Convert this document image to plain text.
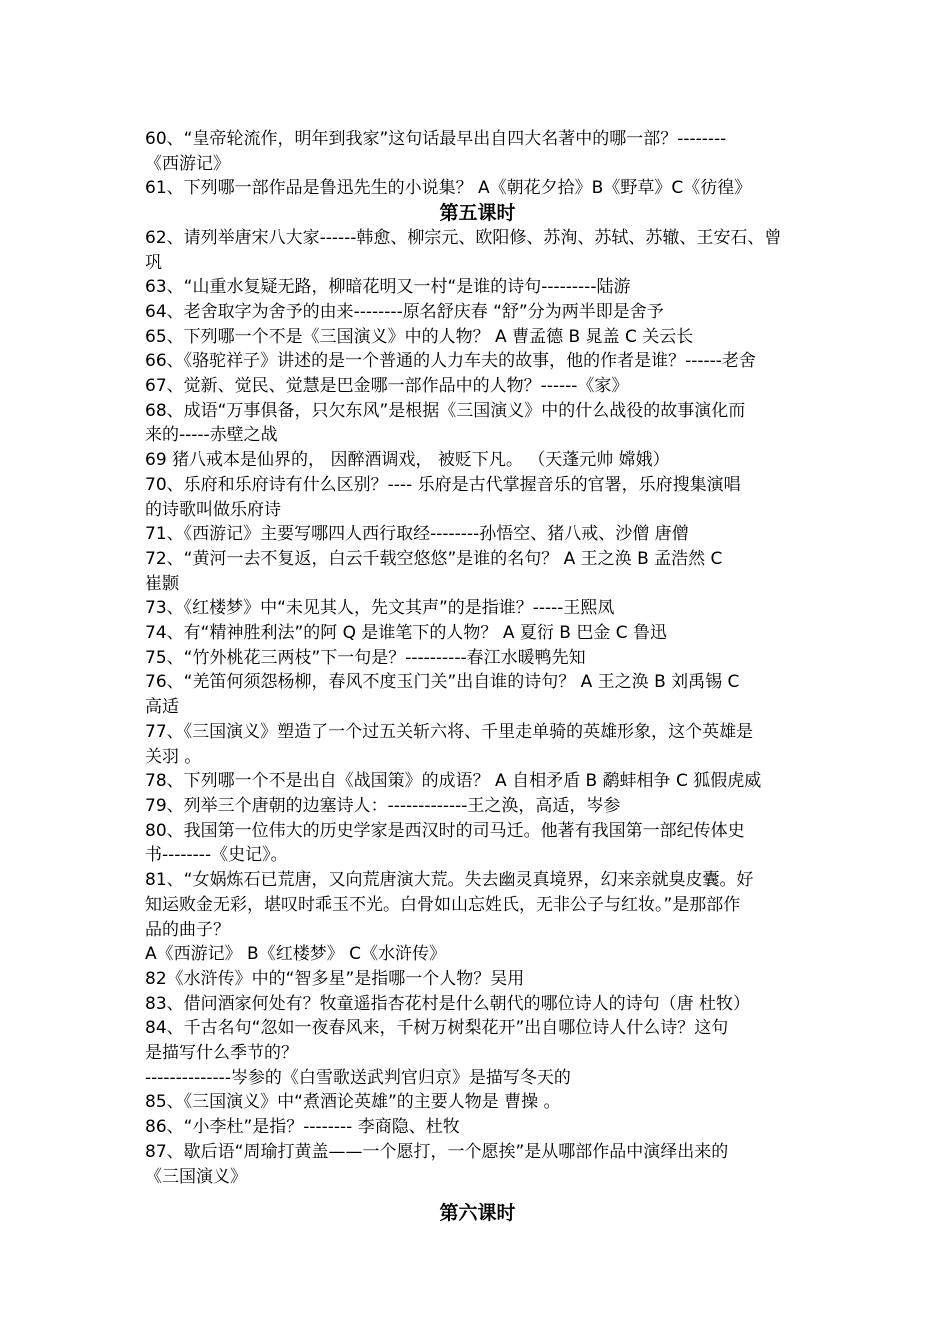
60、“皇帝轮流作，明年到我家”这句话最早出自四大名著中的哪一部？--------
《西游记》
61、下列哪一部作品是鲁迅先生的小说集？ A《朝花夕拾》B《野草》C《彷徨》
第五课时
62、请列举唐宋八大家------韩愈、柳宗元、欧阳修、苏洵、苏轼、苏辙、王安石、曾
巩
63、“山重水复疑无路，柳暗花明又一村“是谁的诗句---------陆游
64、老舍取字为舍予的由来--------原名舒庆春 “舒”分为两半即是舍予
65、下列哪一个不是《三国演义》中的人物？ A 曹孟德 B 晁盖 C 关云长
66、《骆驼祥子》讲述的是一个普通的人力车夫的故事，他的作者是谁？------老舍
67、觉新、觉民、觉慧是巴金哪一部作品中的人物？------《家》
68、成语“万事俱备，只欠东风”是根据《三国演义》中的什么战役的故事演化而
来的-----赤壁之战
69 猪八戒本是仙界的， 因醉酒调戏， 被贬下凡。 （天蓬元帅 嫦娥）
70、乐府和乐府诗有什么区别？---- 乐府是古代掌握音乐的官署，乐府搜集演唱
的诗歌叫做乐府诗
71、《西游记》主要写哪四人西行取经--------孙悟空、猪八戒、沙僧 唐僧
72、“黄河一去不复返，白云千载空悠悠”是谁的名句？ A 王之涣 B 孟浩然 C
崔颢
73、《红楼梦》中“未见其人，先文其声”的是指谁？-----王熙凤
74、有“精神胜利法”的阿 Q 是谁笔下的人物？ A 夏衍 B 巴金 C 鲁迅
75、“竹外桃花三两枝”下一句是？----------春江水暖鸭先知
76、“羌笛何须怨杨柳，春风不度玉门关”出自谁的诗句？ A 王之涣 B 刘禹锡 C
高适
77、《三国演义》塑造了一个过五关斩六将、千里走单骑的英雄形象，这个英雄是
关羽 。
78、下列哪一个不是出自《战国策》的成语？ A 自相矛盾 B 鹬蚌相争 C 狐假虎威
79、列举三个唐朝的边塞诗人：-------------王之涣，高适，岑参
80、我国第一位伟大的历史学家是西汉时的司马迁。他著有我国第一部纪传体史
书--------《史记》。
81、“女娲炼石已荒唐，又向荒唐演大荒。失去幽灵真境界，幻来亲就臭皮囊。好
知运败金无彩，堪叹时乖玉不光。白骨如山忘姓氏，无非公子与红妆。”是那部作
品的曲子？
A《西游记》 B《红楼梦》 C《水浒传》
82《水浒传》中的“智多星”是指哪一个人物？吴用
83、借问酒家何处有？牧童遥指杏花村是什么朝代的哪位诗人的诗句（唐 杜牧）
84、千古名句“忽如一夜春风来，千树万树梨花开”出自哪位诗人什么诗？这句
是描写什么季节的？
--------------岑参的《白雪歌送武判官归京》是描写冬天的
85、《三国演义》中“煮酒论英雄”的主要人物是 曹操 。
86、“小李杜”是指？-------- 李商隐、杜牧
87、歇后语“周瑜打黄盖——一个愿打，一个愿挨”是从哪部作品中演绎出来的
《三国演义》
第六课时
